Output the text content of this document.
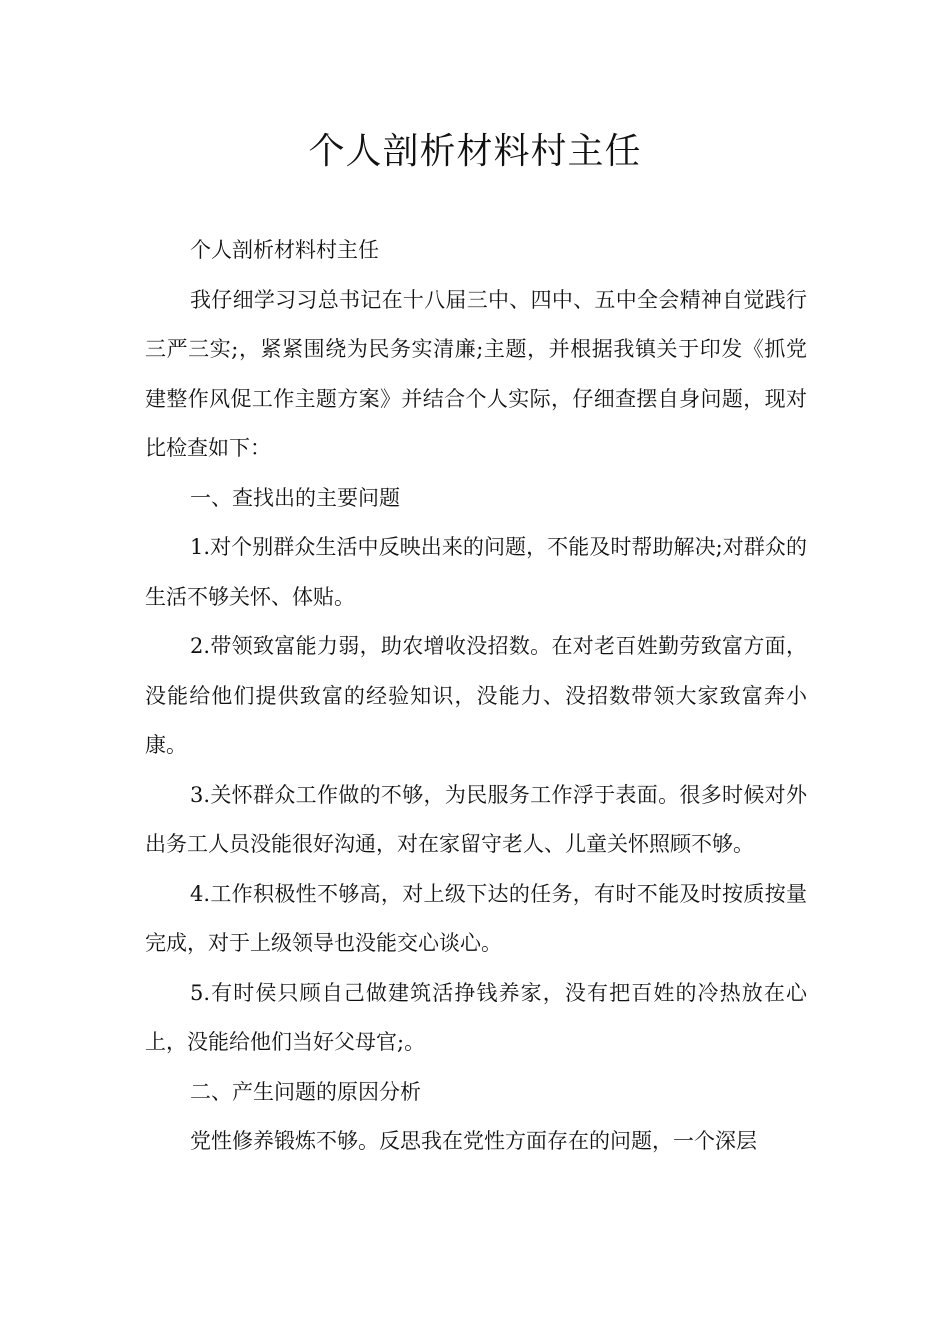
个人剖析材料村主任

个人剖析材料村主任

我仔细学习习总书记在十八届三中、四中、五中全会精神自觉践行三严三实;，紧紧围绕为民务实清廉;主题，并根据我镇关于印发《抓党建整作风促工作主题方案》并结合个人实际，仔细查摆自身问题，现对比检查如下：

一、查找出的主要问题

1.对个别群众生活中反映出来的问题，不能及时帮助解决;对群众的生活不够关怀、体贴。

2.带领致富能力弱，助农增收没招数。在对老百姓勤劳致富方面，没能给他们提供致富的经验知识，没能力、没招数带领大家致富奔小康。

3.关怀群众工作做的不够，为民服务工作浮于表面。很多时候对外出务工人员没能很好沟通，对在家留守老人、儿童关怀照顾不够。

4.工作积极性不够高，对上级下达的任务，有时不能及时按质按量完成，对于上级领导也没能交心谈心。

5.有时侯只顾自己做建筑活挣钱养家，没有把百姓的冷热放在心上，没能给他们当好父母官;。

二、产生问题的原因分析

党性修养锻炼不够。反思我在党性方面存在的问题，一个深层
